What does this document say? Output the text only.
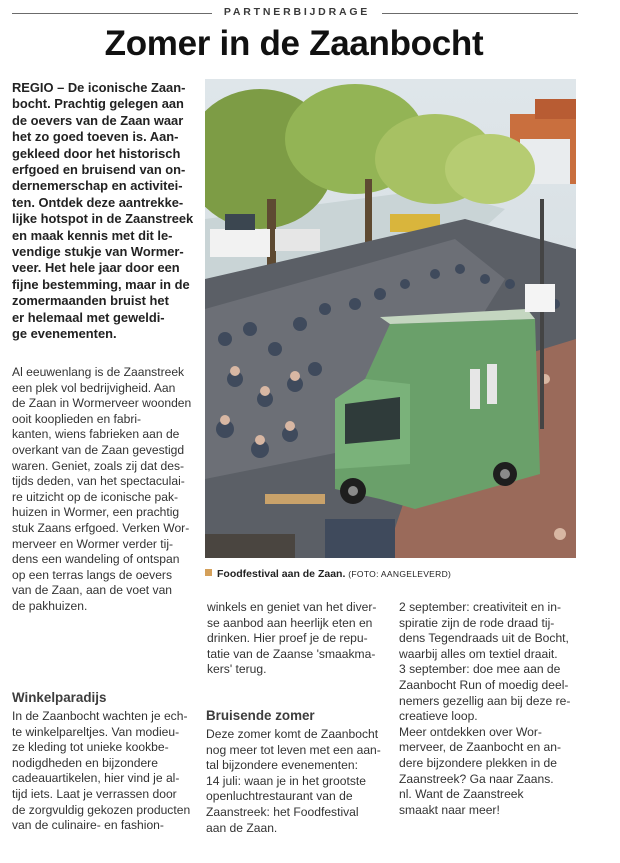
PARTNERBIJDRAGE
Zomer in de Zaanbocht
REGIO – De iconische Zaan-
bocht. Prachtig gelegen aan
de oevers van de Zaan waar
het zo goed toeven is. Aan-
gekleed door het historisch
erfgoed en bruisend van on-
dernemerschap en activitei-
ten. Ontdek deze aantrekke-
lijke hotspot in de Zaanstreek
en maak kennis met dit le-
vendige stukje van Wormer-
veer. Het hele jaar door een
fijne bestemming, maar in de
zomermaanden bruist het
er helemaal met geweldi-
ge evenementen.
Al eeuwenlang is de Zaanstreek
een plek vol bedrijvigheid. Aan
de Zaan in Wormerveer woonden
ooit kooplieden en fabri-
kanten, wiens fabrieken aan de
overkant van de Zaan gevestigd
waren. Geniet, zoals zij dat des-
tijds deden, van het spectaculai-
re uitzicht op de iconische pak-
huizen in Wormer, een prachtig
stuk Zaans erfgoed. Verken Wor-
merveer en Wormer verder tij-
dens een wandeling of ontspan
op een terras langs de oevers
van de Zaan, aan de voet van
de pakhuizen.
Winkelparadijs
In de Zaanbocht wachten je ech-
te winkelpareltjes. Van modieu-
ze kleding tot unieke kookbe-
nodigdheden en bijzondere
cadeauartikelen, hier vind je al-
tijd iets. Laat je verrassen door
de zorgvuldig gekozen producten
van de culinaire- en fashion-
Foodfestival aan de Zaan. (FOTO: AANGELEVERD)
winkels en geniet van het diver-
se aanbod aan heerlijk eten en
drinken. Hier proef je de repu-
tatie van de Zaanse 'smaakma-
kers' terug.
Bruisende zomer
Deze zomer komt de Zaanbocht
nog meer tot leven met een aan-
tal bijzondere evenementen:
14 juli: waan je in het grootste
openluchtrestaurant van de
Zaanstreek: het Foodfestival
aan de Zaan.
2 september: creativiteit en in-
spiratie zijn de rode draad tij-
dens Tegendraads uit de Bocht,
waarbij alles om textiel draait.
3 september: doe mee aan de
Zaanbocht Run of moedig deel-
nemers gezellig aan bij deze re-
creatieve loop.
Meer ontdekken over Wor-
merveer, de Zaanbocht en an-
dere bijzondere plekken in de
Zaanstreek? Ga naar Zaans.
nl. Want de Zaanstreek
smaakt naar meer!
